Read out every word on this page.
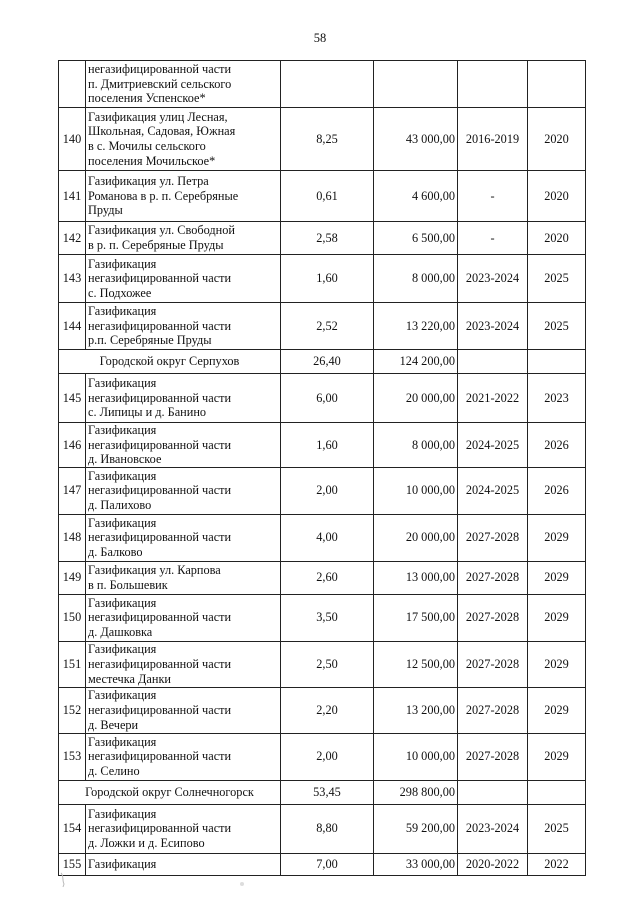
58

	негазифицированной части
п. Дмитриевский сельского
поселения Успенское*				

140	Газификация улиц Лесная,
Школьная, Садовая, Южная
в с. Мочилы сельского
поселения Мочильское*	8,25	43 000,00	2016-2019	2020
141	Газификация ул. Петра
Романова в р. п. Серебряные
Пруды	0,61	4 600,00	-	2020
142	Газификация ул. Свободной
в р. п. Серебряные Пруды	2,58	6 500,00	-	2020
143	Газификация
негазифицированной части
с. Подхожее	1,60	8 000,00	2023-2024	2025
144	Газификация
негазифицированной части
р.п. Серебряные Пруды	2,52	13 220,00	2023-2024	2025
Городской округ Серпухов		26,40	124 200,00		
145	Газификация
негазифицированной части
с. Липицы и д. Банино	6,00	20 000,00	2021-2022	2023
146	Газификация
негазифицированной части
д. Ивановское	1,60	8 000,00	2024-2025	2026
147	Газификация
негазифицированной части
д. Палихово	2,00	10 000,00	2024-2025	2026
148	Газификация
негазифицированной части
д. Балково	4,00	20 000,00	2027-2028	2029
149	Газификация ул. Карпова
в п. Большевик	2,60	13 000,00	2027-2028	2029
150	Газификация
негазифицированной части
д. Дашковка	3,50	17 500,00	2027-2028	2029
151	Газификация
негазифицированной части
местечка Данки	2,50	12 500,00	2027-2028	2029
152	Газификация
негазифицированной части
д. Вечери	2,20	13 200,00	2027-2028	2029
153	Газификация
негазифицированной части
д. Селино	2,00	10 000,00	2027-2028	2029
Городской округ Солнечногорск		53,45	298 800,00		
154	Газификация
негазифицированной части
д. Ложки и д. Есипово	8,80	59 200,00	2023-2024	2025
155	Газификация	7,00	33 000,00	2020-2022	2022
